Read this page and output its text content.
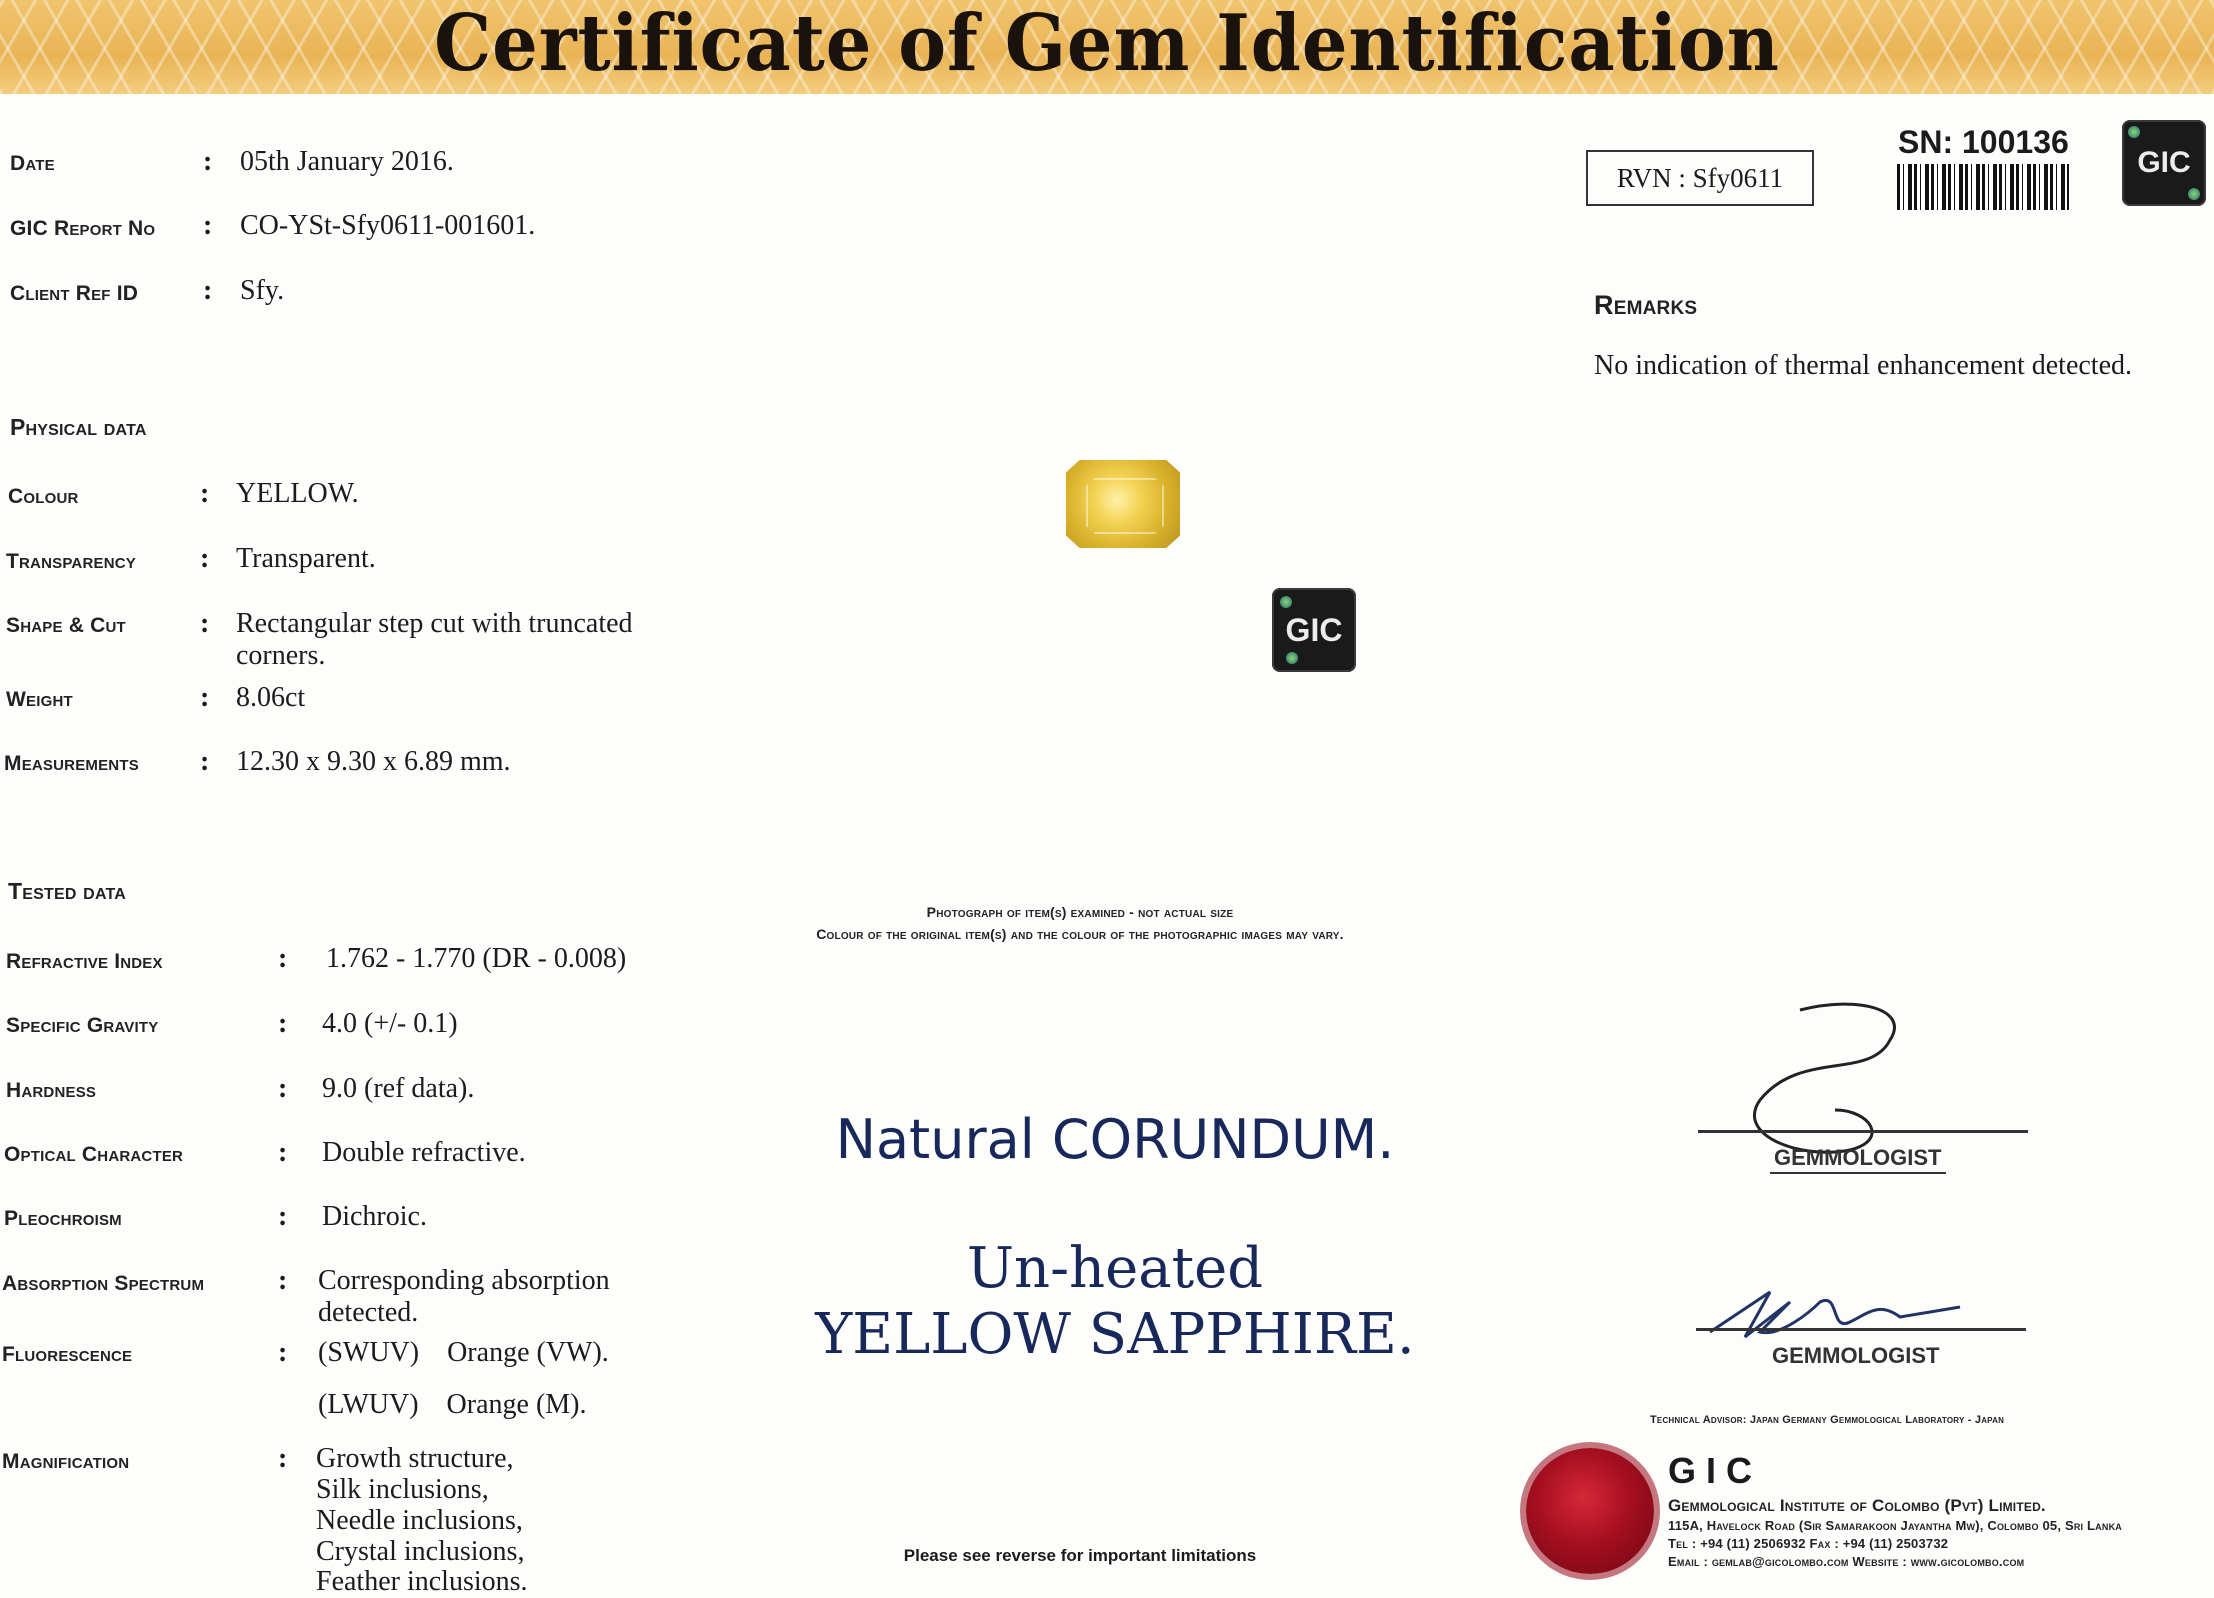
Certificate of Gem Identification
Date	: 05th January 2016.
GIC Report No : CO-YSt-Sfy0611-001601.
Client Ref ID : Sfy.
Physical data
Colour	: YELLOW.
Transparency : Transparent.
Shape & Cut	: Rectangular step cut with truncated
corners.
Weight	: 8.06ct
Measurements : 12.30 x 9.30 x 6.89 mm.
Tested data
Refractive Index	: 1.762 - 1.770 (DR - 0.008)
Specific Gravity	: 4.0 (+/- 0.1)
Hardness	: 9.0 (ref data).
Optical Character	: Double refractive.
Pleochroism	: Dichroic.
Absorption Spectrum	: Corresponding absorption
detected.
Fluorescence	: (SWUV)    Orange (VW).
(LWUV)    Orange (M).
Magnification	: Growth structure,
Silk inclusions,
Needle inclusions,
Crystal inclusions,
Feather inclusions.
RVN : Sfy0611
SN: 100136
GIC
Remarks
No indication of thermal enhancement detected.
GIC
Photograph of item(s) examined - not actual size
Colour of the original item(s) and the colour of the photographic images may vary.
Natural CORUNDUM.
Un-heated
YELLOW SAPPHIRE.
Please see reverse for important limitations
GEMMOLOGIST
GEMMOLOGIST
Technical Advisor: Japan Germany Gemmological Laboratory - Japan
GIC
Gemmological Institute of Colombo (Pvt) Limited.
115A, Havelock Road (Sir Samarakoon Jayantha Mw), Colombo 05, Sri Lanka
Tel : +94 (11) 2506932 Fax : +94 (11) 2503732
Email : gemlab@gicolombo.com Website : www.gicolombo.com
